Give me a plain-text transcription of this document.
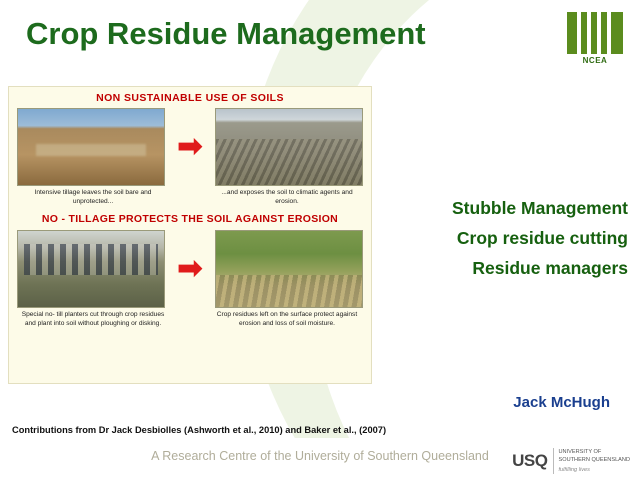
Crop Residue Management
NCEA
NON SUSTAINABLE USE OF SOILS
➡
Intensive tillage leaves the soil bare and unprotected...
...and exposes the soil to climatic agents and erosion.
NO - TILLAGE PROTECTS THE SOIL AGAINST EROSION
➡
Special no- till planters cut through crop residues and plant into soil without ploughing or disking.
Crop residues left on the surface protect against erosion and loss of soil moisture.
Stubble Management
Crop residue cutting
Residue managers
Jack McHugh
Contributions from Dr Jack Desbiolles (Ashworth et al., 2010) and Baker et al., (2007)
A Research Centre of the University of Southern Queensland	USQ UNIVERSITY OF
SOUTHERN QUEENSLAND
fulfilling lives
